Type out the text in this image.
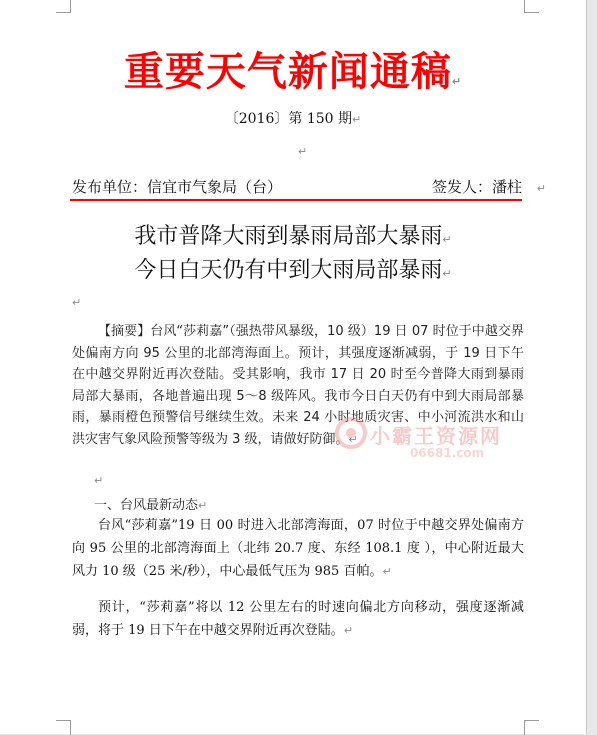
重要天气新闻通稿↵
〔2016〕第 150 期↵
↵
发布单位：信宜市气象局（台）	签发人：潘柱 ↵
我市普降大雨到暴雨局部大暴雨↵
今日白天仍有中到大雨局部暴雨↵
↵
【摘要】台风“莎莉嘉”（强热带风暴级，10 级）19 日 07 时位于中越交界处偏南方向 95 公里的北部湾海面上。预计，其强度逐渐减弱，于 19 日下午在中越交界附近再次登陆。受其影响，我市 17 日 20 时至今普降大雨到暴雨局部大暴雨，各地普遍出现 5～8 级阵风。我市今日白天仍有中到大雨局部暴雨，暴雨橙色预警信号继续生效。未来 24 小时地质灾害、中小河流洪水和山洪灾害气象风险预警等级为 3 级，请做好防御。↵
↵
一、台风最新动态↵
台风“莎莉嘉”19 日 00 时进入北部湾海面，07 时位于中越交界处偏南方向 95 公里的北部湾海面上（北纬 20.7 度、东经 108.1 度 ），中心附近最大风力 10 级（25 米/秒），中心最低气压为 985 百帕。↵
预计，“莎莉嘉”将以 12 公里左右的时速向偏北方向移动，强度逐渐减弱，将于 19 日下午在中越交界附近再次登陆。↵
小霸王资源网
06681.com
